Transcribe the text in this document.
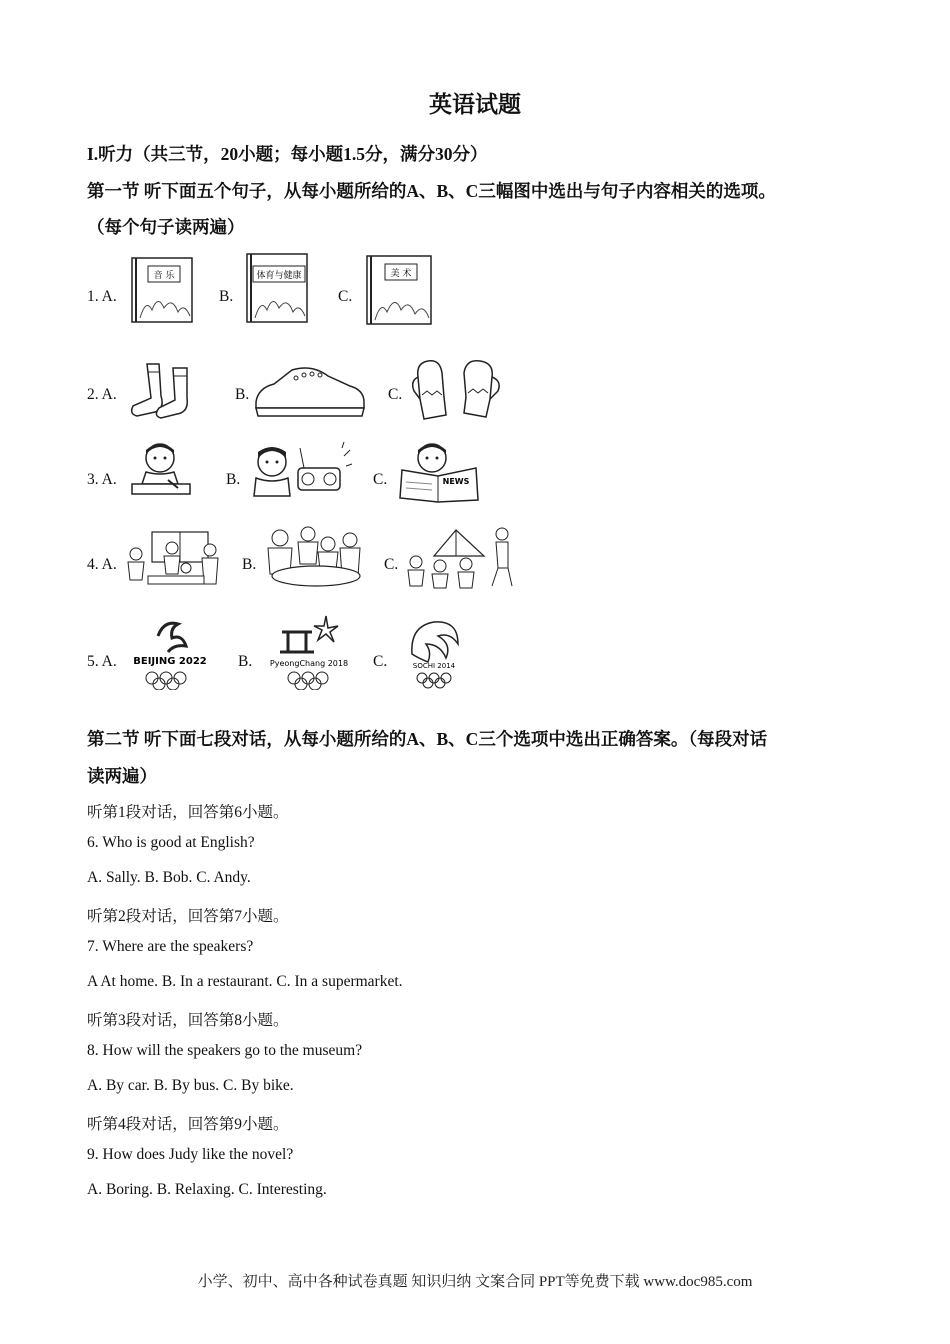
英语试题
I.听力（共三节，20小题；每小题1.5分，满分30分）
第一节 听下面五个句子，从每小题所给的A、B、C三幅图中选出与句子内容相关的选项。
（每个句子读两遍）
1. A.
音 乐
B.
体育与健康
C.
美 术
2. A.	B.	C.
3. A.	B.	C.	NEWS
4. A.	B.	C.
5. A. BEIJING 2022 B. PyeongChang 2018 C.	SOCHI 2014
第二节 听下面七段对话，从每小题所给的A、B、C三个选项中选出正确答案。（每段对话
读两遍）
听第1段对话，回答第6小题。
6. Who is good at English?
A. Sally. B. Bob. C. Andy.
听第2段对话，回答第7小题。
7. Where are the speakers?
A At home. B. In a restaurant. C. In a supermarket.
听第3段对话，回答第8小题。
8. How will the speakers go to the museum?
A. By car. B. By bus. C. By bike.
听第4段对话，回答第9小题。
9. How does Judy like the novel?
A. Boring. B. Relaxing. C. Interesting.
小学、初中、高中各种试卷真题 知识归纳 文案合同 PPT等免费下载 www.doc985.com
